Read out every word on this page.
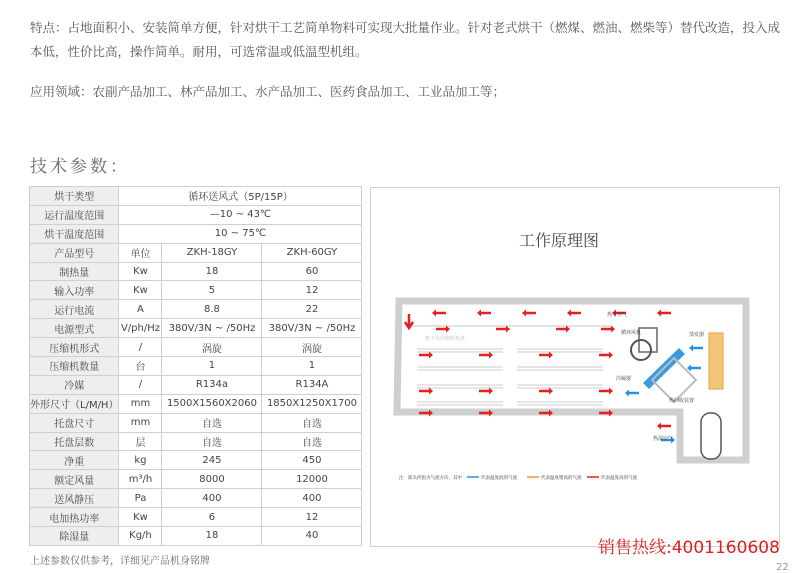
特点：占地面积小、安装简单方便，针对烘干工艺简单物料可实现大批量作业。针对老式烘干（燃煤、燃油、燃柴等）替代改造，投入成本低，性价比高，操作简单。耐用，可选常温或低温型机组。

应用领域：农副产品加工、林产品加工、水产品加工、医药食品加工、工业品加工等；

技术参数：
烘干类型	循环送风式（5P/15P）		
运行温度范围	—10 ~ 43℃		
烘干温度范围	10 ~ 75℃		
产品型号	单位	ZKH-18GY	ZKH-60GY
制热量	Kw	18	60
输入功率	Kw	5	12
运行电流	A	8.8	22
电源型式	V/ph/Hz	380V/3N ~ /50Hz	380V/3N ~ /50Hz
压缩机形式	/	涡旋	涡旋
压缩机数量	台	1	1
冷媒	/	R134a	R134A
外形尺寸（L/M/H）	mm	1500X1560X2060	1850X1250X1700
托盘尺寸	mm	自选	自选
托盘层数	层	自选	自选
净重	kg	245	450
额定风量	m³/h	8000	12000
送风静压	Pa	400	400
电加热功率	Kw	6	12
除湿量	Kg/h	18	40

上述参数仅供参考，详细见产品机身铭牌

工作原理图
热干空气
循环风机	蒸发器
冷凝器
热回收装置
热湿空气
烘干房内物料托盘
注：箭头所指为气流方向，其中	代表温度低的气流	代表温度稍高的气流	代表温度高的气流

销售热线:4001160608

22
